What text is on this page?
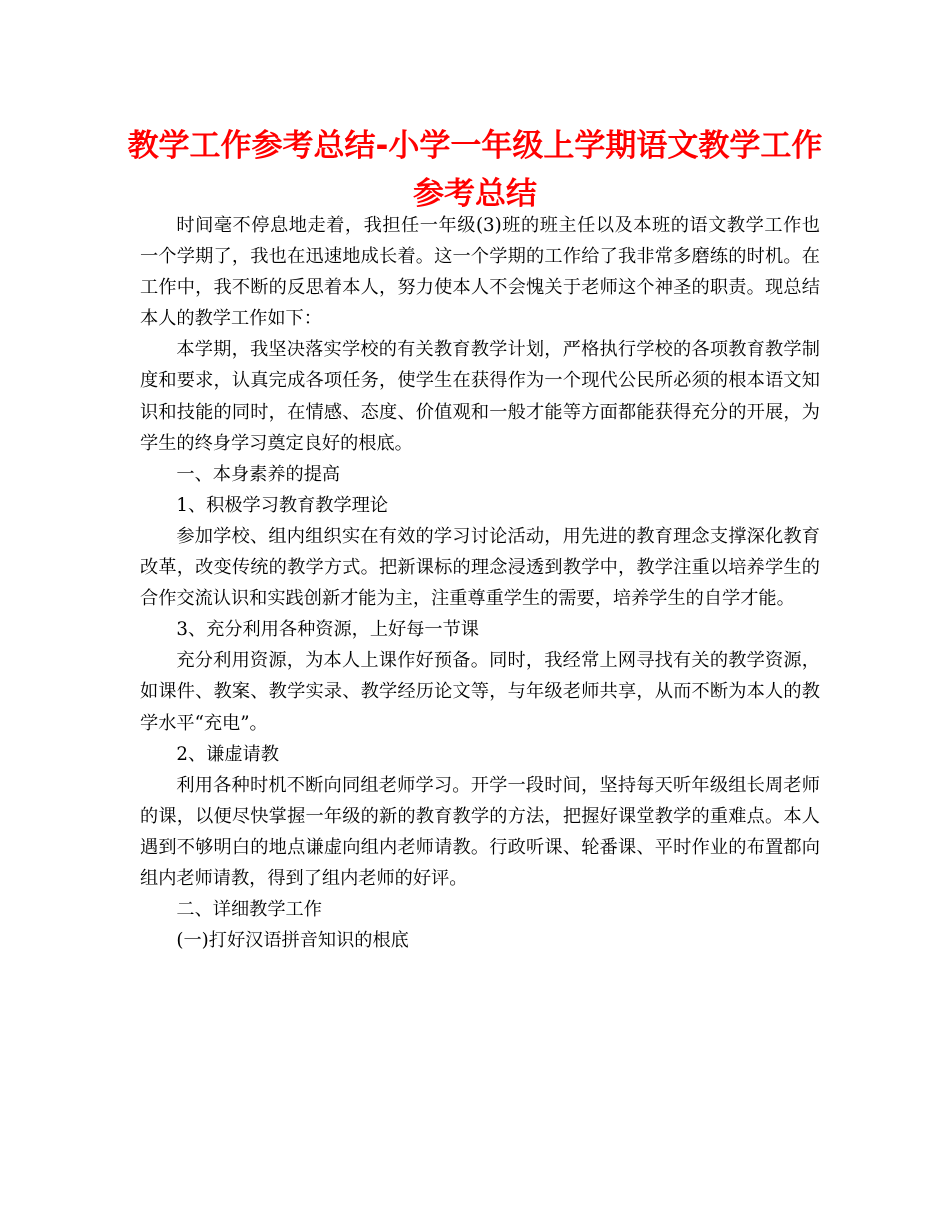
教学工作参考总结-小学一年级上学期语文教学工作参考总结

时间毫不停息地走着，我担任一年级(3)班的班主任以及本班的语文教学工作也一个学期了，我也在迅速地成长着。这一个学期的工作给了我非常多磨练的时机。在工作中，我不断的反思着本人，努力使本人不会愧关于老师这个神圣的职责。现总结本人的教学工作如下：

本学期，我坚决落实学校的有关教育教学计划，严格执行学校的各项教育教学制度和要求，认真完成各项任务，使学生在获得作为一个现代公民所必须的根本语文知识和技能的同时，在情感、态度、价值观和一般才能等方面都能获得充分的开展，为学生的终身学习奠定良好的根底。

一、本身素养的提高

1、积极学习教育教学理论

参加学校、组内组织实在有效的学习讨论活动，用先进的教育理念支撑深化教育改革，改变传统的教学方式。把新课标的理念浸透到教学中，教学注重以培养学生的合作交流认识和实践创新才能为主，注重尊重学生的需要，培养学生的自学才能。

3、充分利用各种资源，上好每一节课

充分利用资源，为本人上课作好预备。同时，我经常上网寻找有关的教学资源，如课件、教案、教学实录、教学经历论文等，与年级老师共享，从而不断为本人的教学水平“充电”。

2、谦虚请教

利用各种时机不断向同组老师学习。开学一段时间，坚持每天听年级组长周老师的课，以便尽快掌握一年级的新的教育教学的方法，把握好课堂教学的重难点。本人遇到不够明白的地点谦虚向组内老师请教。行政听课、轮番课、平时作业的布置都向组内老师请教，得到了组内老师的好评。

二、详细教学工作

(一)打好汉语拼音知识的根底
